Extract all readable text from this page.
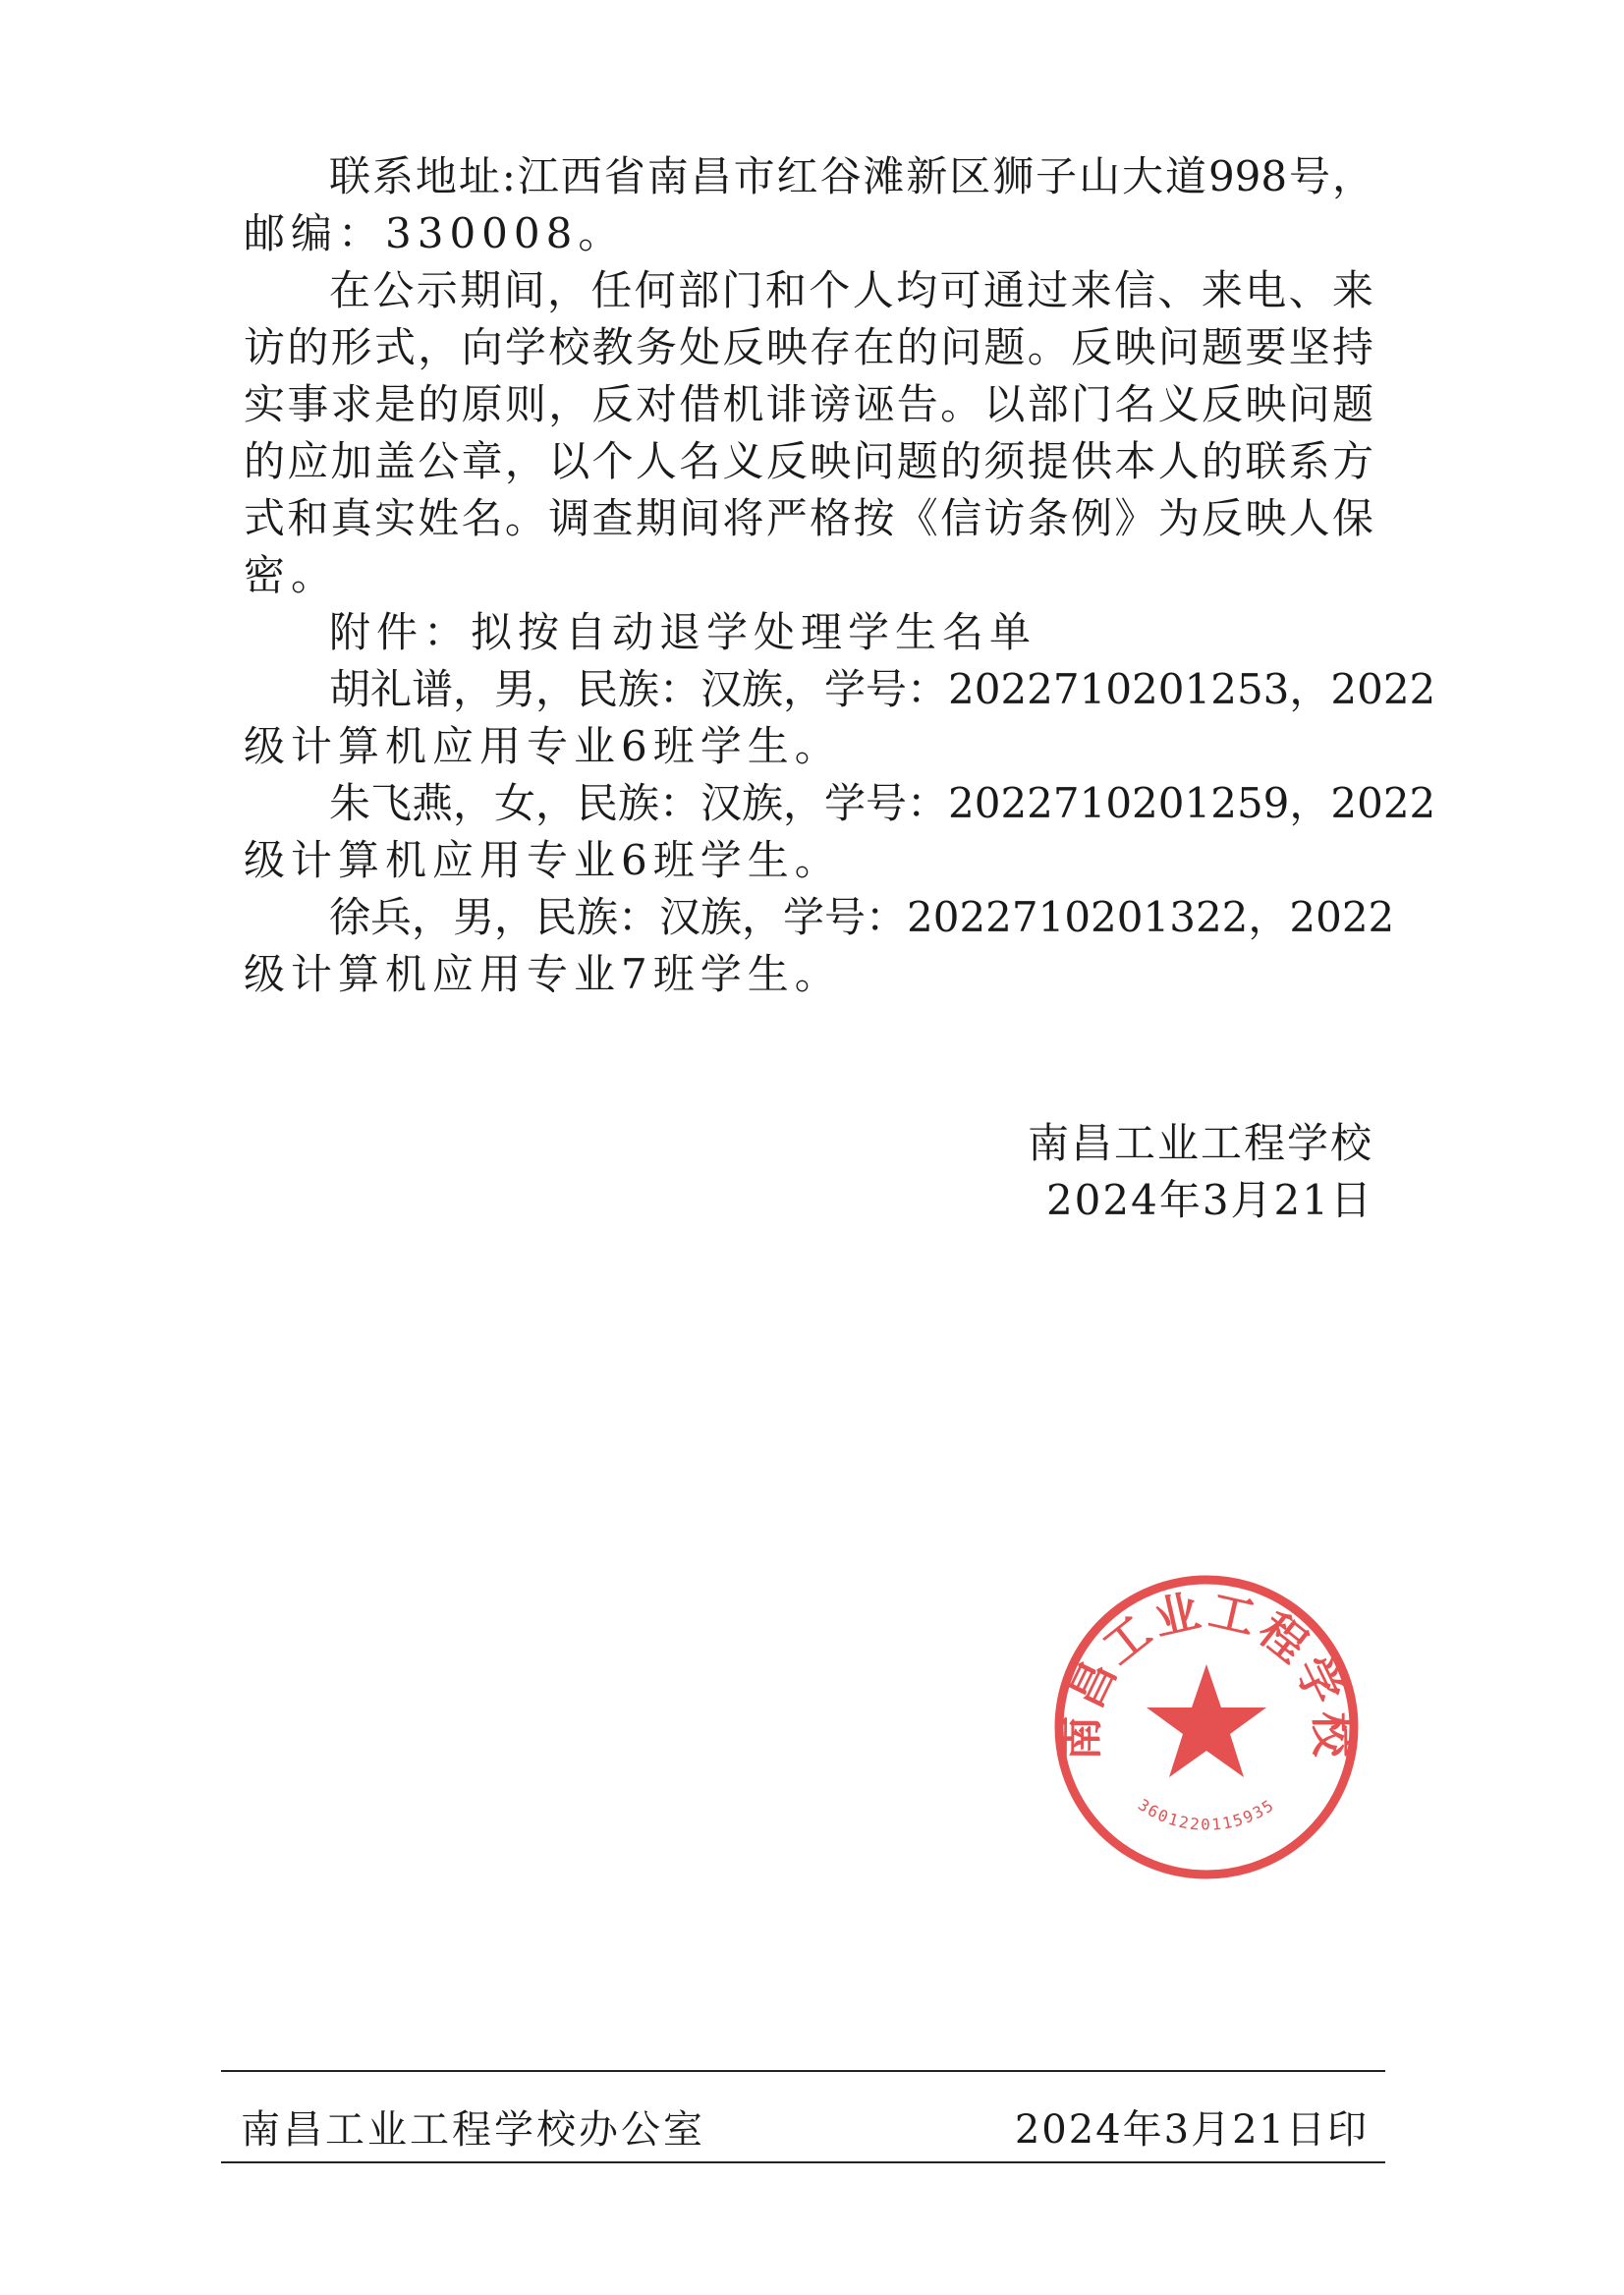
联系地址:江西省南昌市红谷滩新区狮子山大道998号，
邮编：330008。
在公示期间，任何部门和个人均可通过来信、来电、来
访的形式，向学校教务处反映存在的问题。反映问题要坚持
实事求是的原则，反对借机诽谤诬告。以部门名义反映问题
的应加盖公章，以个人名义反映问题的须提供本人的联系方
式和真实姓名。调查期间将严格按《信访条例》为反映人保
密。
附件：拟按自动退学处理学生名单
胡礼谱，男，民族：汉族，学号：2022710201253，2022
级计算机应用专业6班学生。
朱飞燕，女，民族：汉族，学号：2022710201259，2022
级计算机应用专业6班学生。
徐兵，男，民族：汉族，学号：2022710201322，2022
级计算机应用专业7班学生。
南昌工业工程学校
2024年3月21日
南昌工业工程学校
3601220115935
南昌工业工程学校办公室	2024年3月21日印
